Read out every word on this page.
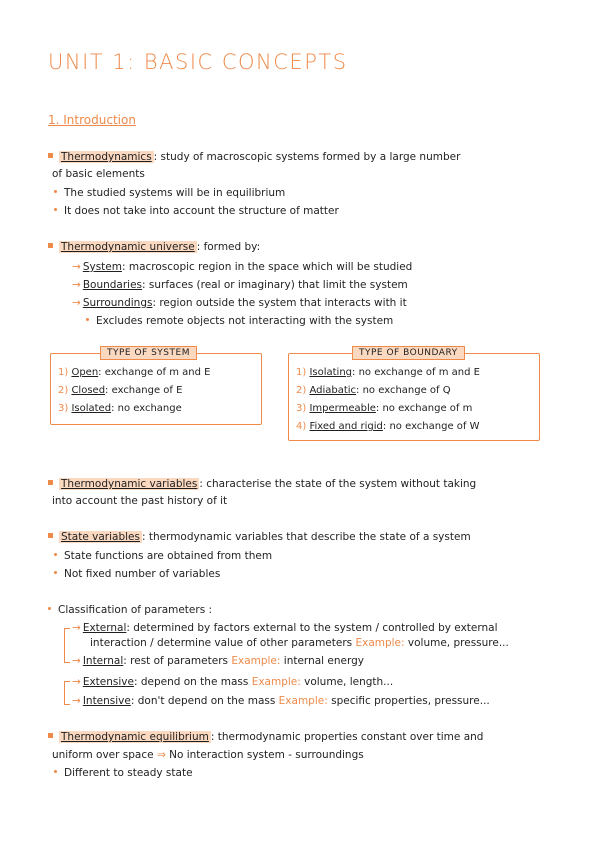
UNIT 1: BASIC CONCEPTS
1. Introduction
Thermodynamics : study of macroscopic systems formed by a large number
of basic elements
The studied systems will be in equilibrium
It does not take into account the structure of matter
Thermodynamic universe : formed by:
→ System: macroscopic region in the space which will be studied
→ Boundaries: surfaces (real or imaginary) that limit the system
→ Surroundings: region outside the system that interacts with it
Excludes remote objects not interacting with the system
TYPE OF SYSTEM
1) Open: exchange of m and E
2) Closed: exchange of E
3) Isolated: no exchange
TYPE OF BOUNDARY
1) Isolating: no exchange of m and E
2) Adiabatic: no exchange of Q
3) Impermeable: no exchange of m
4) Fixed and rigid: no exchange of W
Thermodynamic variables : characterise the state of the system without taking
into account the past history of it
State variables : thermodynamic variables that describe the state of a system
State functions are obtained from them
Not fixed number of variables
Classification of parameters :
→ External: determined by factors external to the system / controlled by external
interaction / determine value of other parameters Example: volume, pressure...
→ Internal: rest of parameters Example: internal energy
→ Extensive: depend on the mass Example: volume, length...
→ Intensive: don't depend on the mass Example: specific properties, pressure...
Thermodynamic equilibrium : thermodynamic properties constant over time and
uniform over space ⇒ No interaction system - surroundings
Different to steady state
